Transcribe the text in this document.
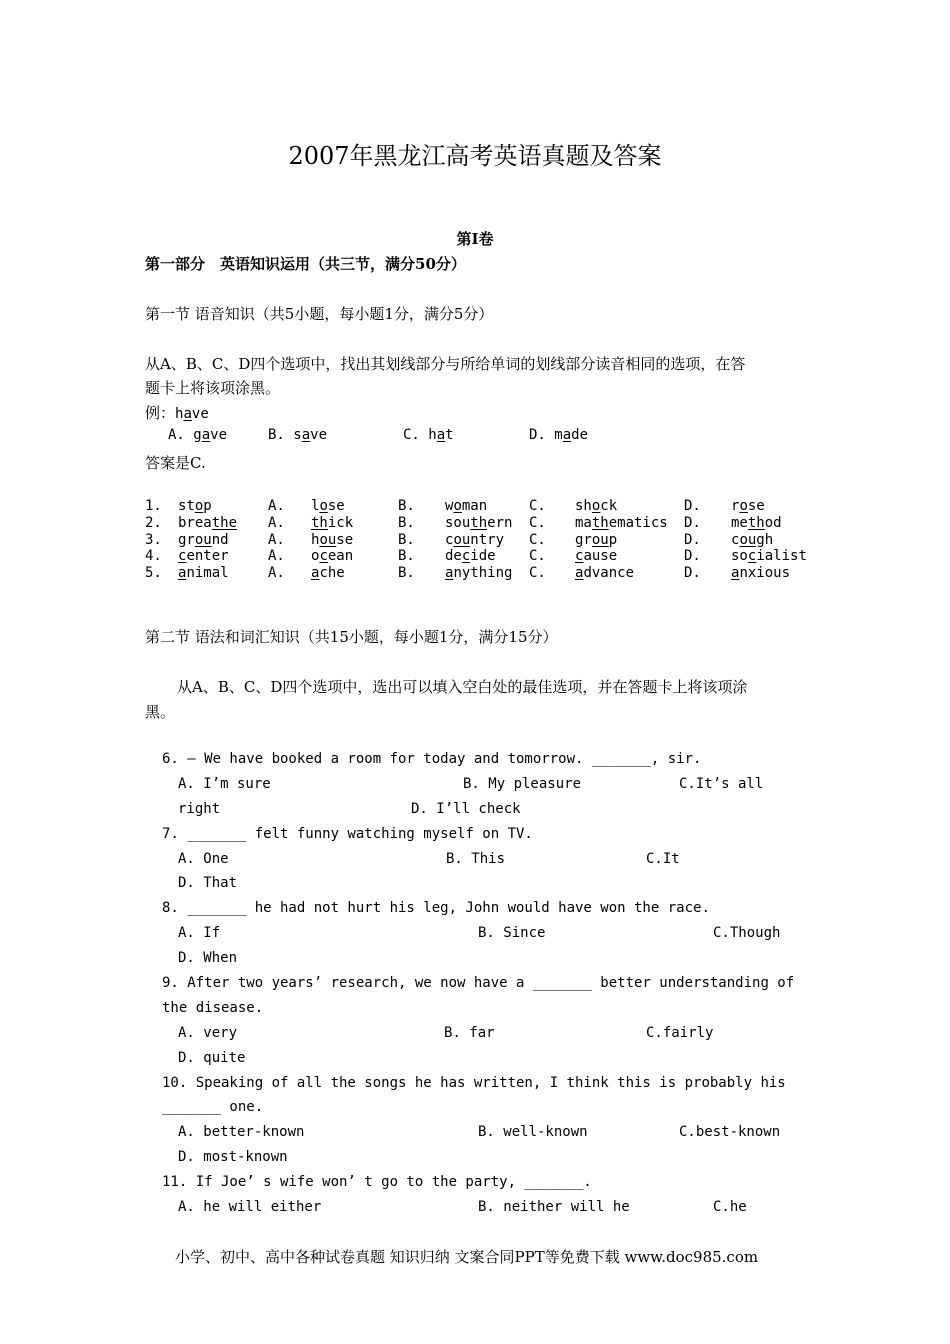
2007年黑龙江高考英语真题及答案
第I卷
第一部分　英语知识运用（共三节，满分50分）
第一节 语音知识（共5小题，每小题1分，满分5分）
从A、B、C、D四个选项中，找出其划线部分与所给单词的划线部分读音相同的选项，在答
题卡上将该项涂黑。
例：have
A. gave	B. save	C. hat	D. made
答案是C.
1. stop	A. lose	B. woman	C. shock	D. rose
2. breathe A. thick	B. southern C. mathematics D. method
3. ground	A. house	B. country C. group	D. cough
4. center	A. ocean	B. decide C. cause	D. socialist
5. animal	A. ache	B. anything C. advance	D. anxious
第二节 语法和词汇知识（共15小题，每小题1分，满分15分）
从A、B、C、D四个选项中，选出可以填入空白处的最佳选项，并在答题卡上将该项涂
黑。
6. — We have booked a room for today and tomorrow. _______, sir.
A. I’m sure	B. My pleasure	C.It’s all
right	D. I’ll check
7. _______ felt funny watching myself on TV.
A. One	B. This	C.It
D. That
8. _______ he had not hurt his leg, John would have won the race.
A. If	B. Since	C.Though
D. When
9. After two years’ research, we now have a _______ better understanding of
the disease.
A. very	B. far	C.fairly
D. quite
10. Speaking of all the songs he has written, I think this is probably his
_______ one.
A. better-known	B. well-known	C.best-known
D. most-known
11. If Joe’ s wife won’ t go to the party, _______.
A. he will either	B. neither will he	C.he
小学、初中、高中各种试卷真题 知识归纳 文案合同PPT等免费下载 www.doc985.com
